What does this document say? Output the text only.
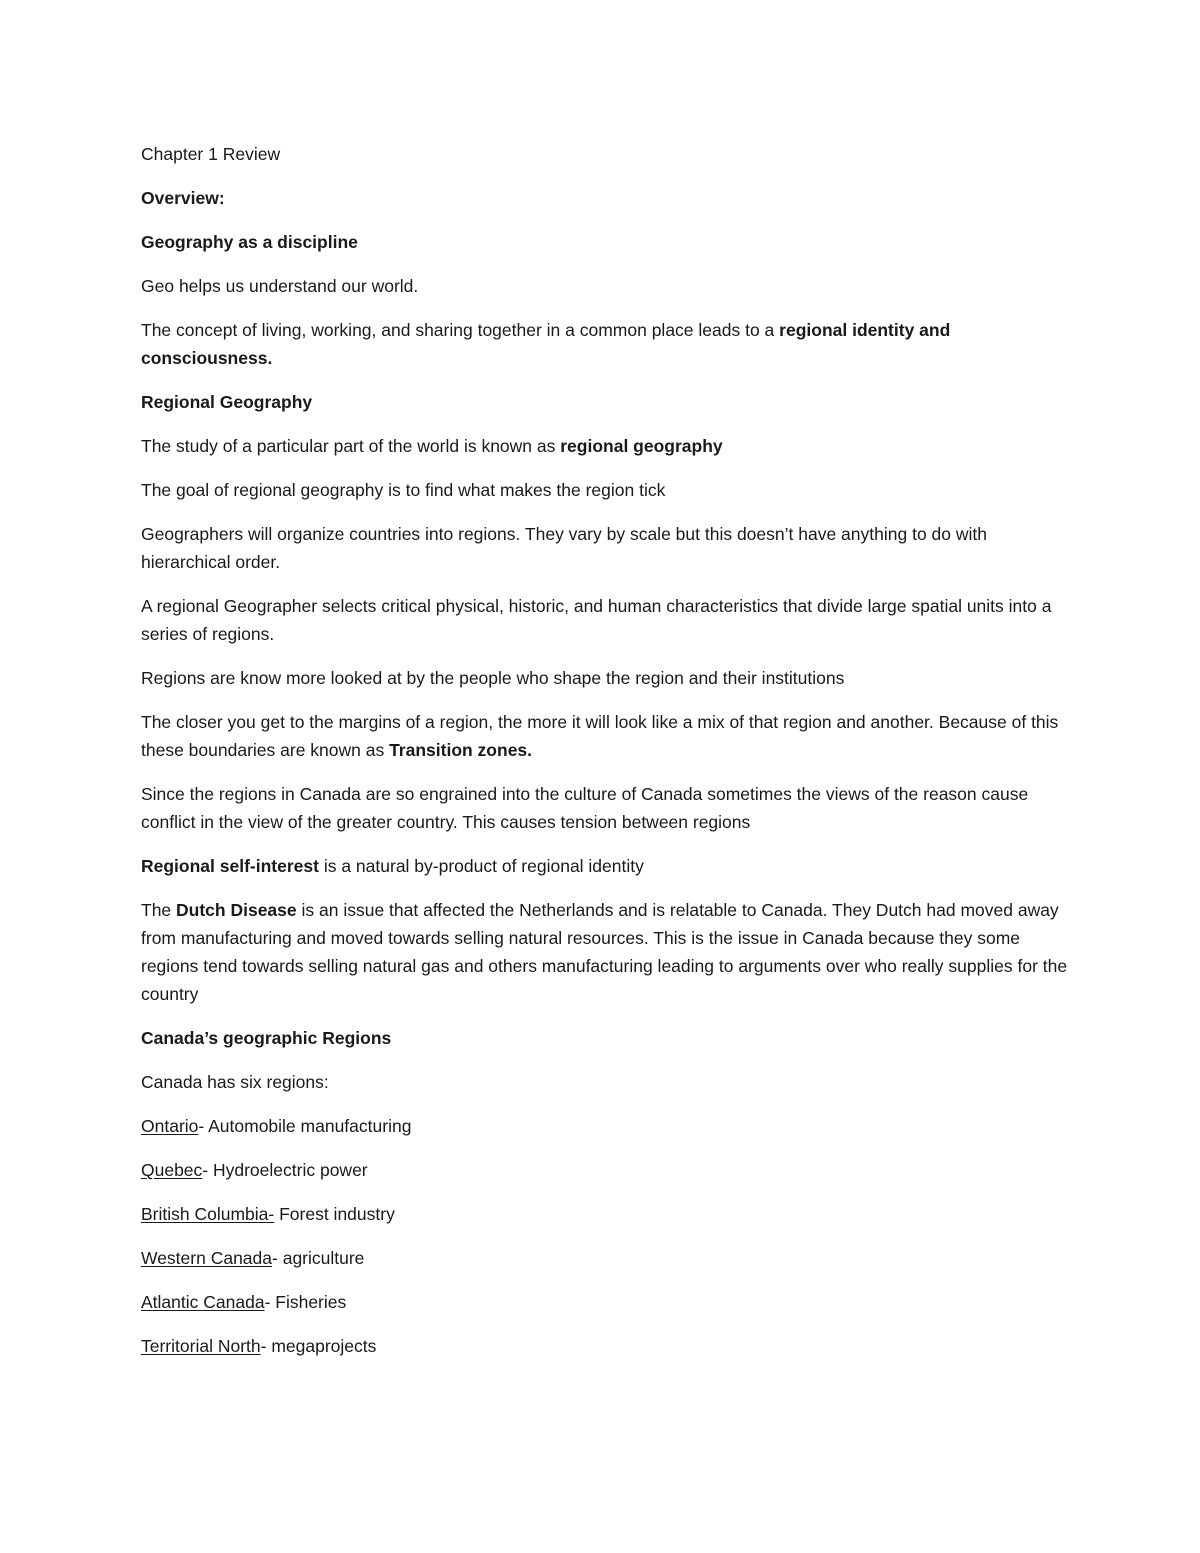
Chapter 1 Review

Overview:

Geography as a discipline

Geo helps us understand our world.

The concept of living, working, and sharing together in a common place leads to a regional identity and consciousness.

Regional Geography

The study of a particular part of the world is known as regional geography

The goal of regional geography is to find what makes the region tick

Geographers will organize countries into regions. They vary by scale but this doesn’t have anything to do with hierarchical order.

A regional Geographer selects critical physical, historic, and human characteristics that divide large spatial units into a series of regions.

Regions are know more looked at by the people who shape the region and their institutions

The closer you get to the margins of a region, the more it will look like a mix of that region and another. Because of this these boundaries are known as Transition zones.

Since the regions in Canada are so engrained into the culture of Canada sometimes the views of the reason cause conflict in the view of the greater country. This causes tension between regions

Regional self-interest is a natural by-product of regional identity

The Dutch Disease is an issue that affected the Netherlands and is relatable to Canada. They Dutch had moved away from manufacturing and moved towards selling natural resources. This is the issue in Canada because they some regions tend towards selling natural gas and others manufacturing leading to arguments over who really supplies for the country

Canada’s geographic Regions

Canada has six regions:

Ontario- Automobile manufacturing

Quebec- Hydroelectric power

British Columbia- Forest industry

Western Canada- agriculture

Atlantic Canada- Fisheries

Territorial North- megaprojects
